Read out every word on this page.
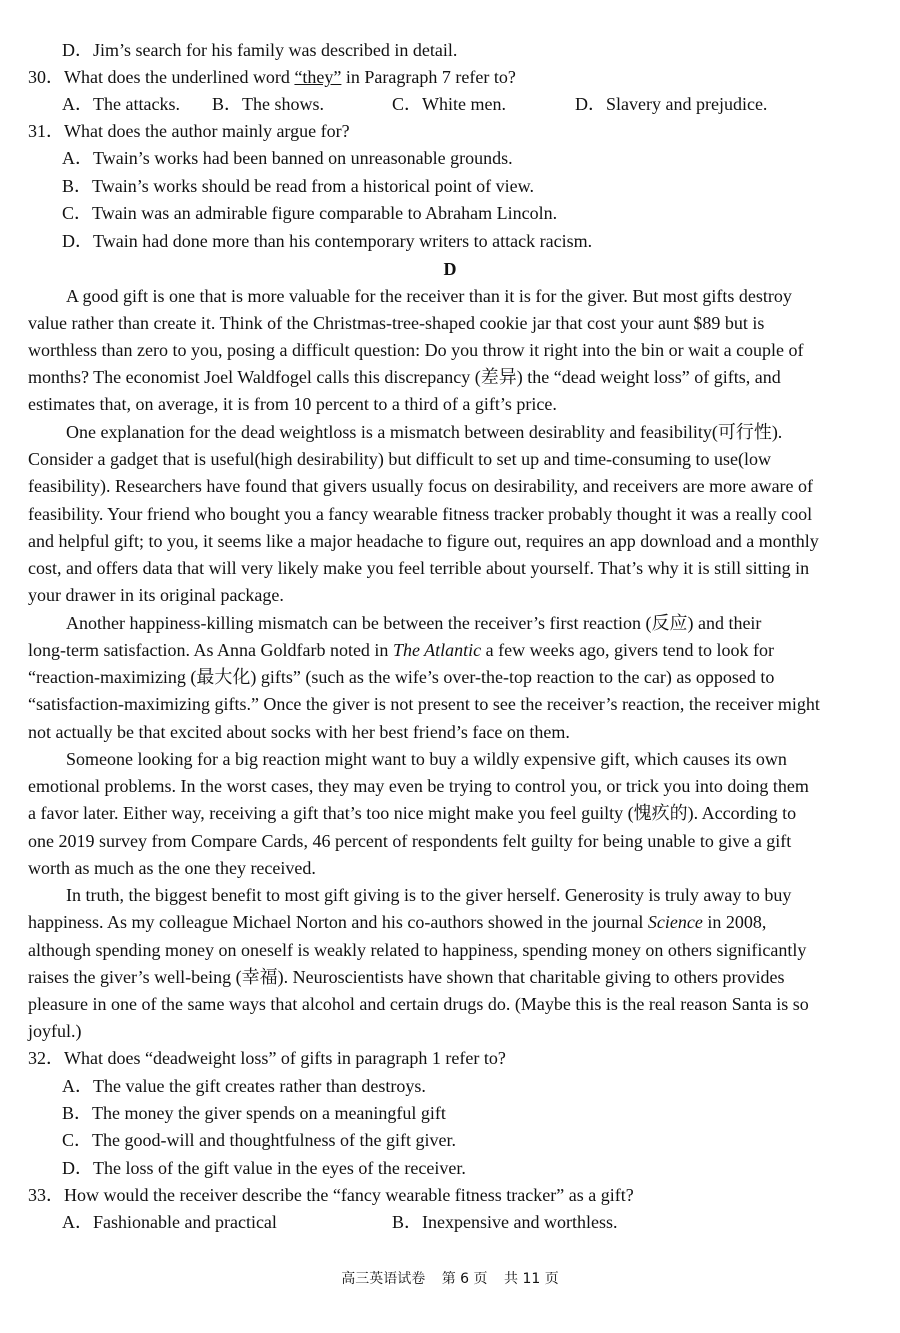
D．Jim’s search for his family was described in detail.
30．What does the underlined word “they” in Paragraph 7 refer to?
A．The attacks. B．The shows.	C．White men.	D．Slavery and prejudice.
31．What does the author mainly argue for?
A．Twain’s works had been banned on unreasonable grounds.
B．Twain’s works should be read from a historical point of view.
C．Twain was an admirable figure comparable to Abraham Lincoln.
D．Twain had done more than his contemporary writers to attack racism.
D
A good gift is one that is more valuable for the receiver than it is for the giver. But most gifts destroy
value rather than create it. Think of the Christmas-tree-shaped cookie jar that cost your aunt $89 but is
worthless than zero to you, posing a difficult question: Do you throw it right into the bin or wait a couple of
months? The economist Joel Waldfogel calls this discrepancy (差异) the “dead weight loss” of gifts, and
estimates that, on average, it is from 10 percent to a third of a gift’s price.
One explanation for the dead weightloss is a mismatch between desirablity and feasibility(可行性).
Consider a gadget that is useful(high desirability) but difficult to set up and time-consuming to use(low
feasibility). Researchers have found that givers usually focus on desirability, and receivers are more aware of
feasibility. Your friend who bought you a fancy wearable fitness tracker probably thought it was a really cool
and helpful gift; to you, it seems like a major headache to figure out, requires an app download and a monthly
cost, and offers data that will very likely make you feel terrible about yourself. That’s why it is still sitting in
your drawer in its original package.
Another happiness-killing mismatch can be between the receiver’s first reaction (反应) and their
long-term satisfaction. As Anna Goldfarb noted in The Atlantic a few weeks ago, givers tend to look for
“reaction-maximizing (最大化) gifts” (such as the wife’s over-the-top reaction to the car) as opposed to
“satisfaction-maximizing gifts.” Once the giver is not present to see the receiver’s reaction, the receiver might
not actually be that excited about socks with her best friend’s face on them.
Someone looking for a big reaction might want to buy a wildly expensive gift, which causes its own
emotional problems. In the worst cases, they may even be trying to control you, or trick you into doing them
a favor later. Either way, receiving a gift that’s too nice might make you feel guilty (愧疚的). According to
one 2019 survey from Compare Cards, 46 percent of respondents felt guilty for being unable to give a gift
worth as much as the one they received.
In truth, the biggest benefit to most gift giving is to the giver herself. Generosity is truly away to buy
happiness. As my colleague Michael Norton and his co-authors showed in the journal Science in 2008,
although spending money on oneself is weakly related to happiness, spending money on others significantly
raises the giver’s well-being (幸福). Neuroscientists have shown that charitable giving to others provides
pleasure in one of the same ways that alcohol and certain drugs do. (Maybe this is the real reason Santa is so
joyful.)
32．What does “deadweight loss” of gifts in paragraph 1 refer to?
A．The value the gift creates rather than destroys.
B．The money the giver spends on a meaningful gift
C．The good-will and thoughtfulness of the gift giver.
D．The loss of the gift value in the eyes of the receiver.
33．How would the receiver describe the “fancy wearable fitness tracker” as a gift?
A．Fashionable and practical	B．Inexpensive and worthless.
高三英语试卷 第 6 页 共 11 页
